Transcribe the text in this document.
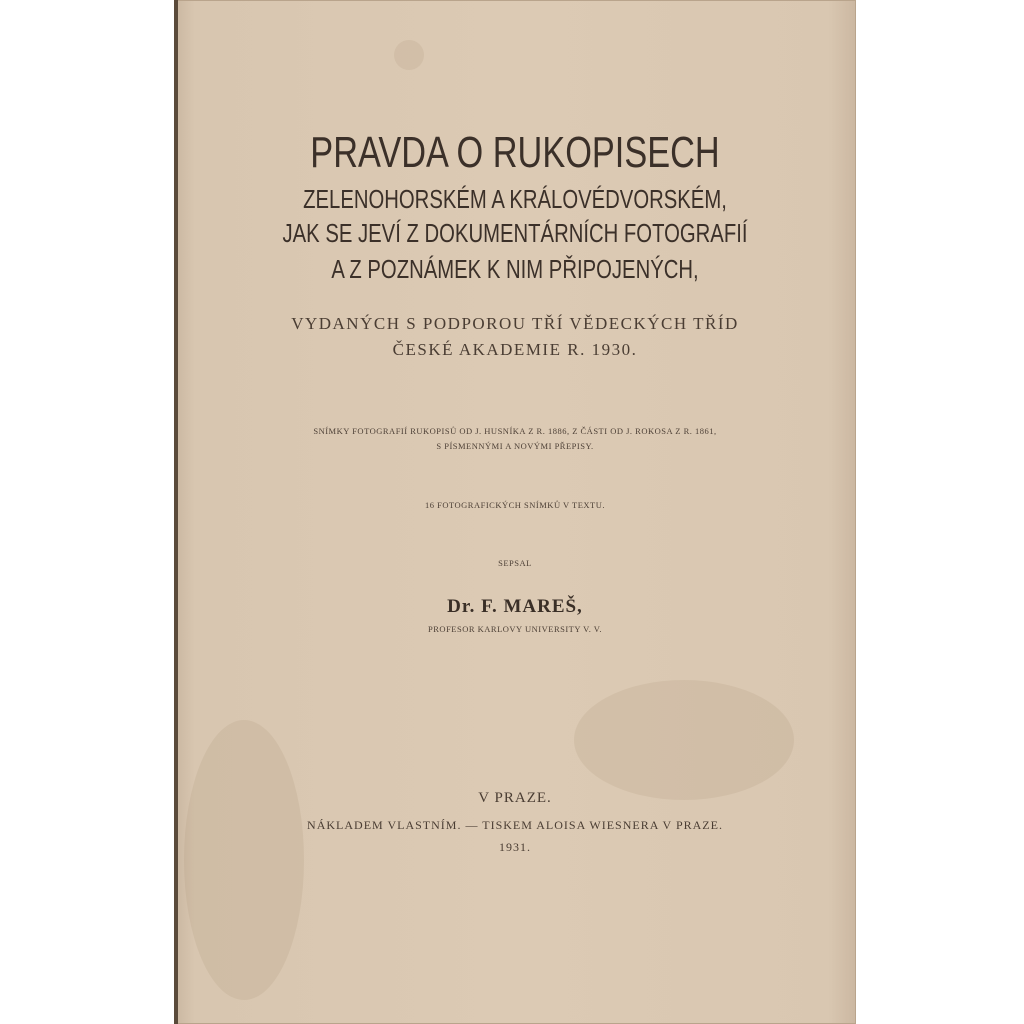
PRAVDA O RUKOPISECH
ZELENOHORSKÉM A KRÁLOVÉDVORSKÉM,
JAK SE JEVÍ Z DOKUMENTÁRNÍCH FOTOGRAFIÍ
A Z POZNÁMEK K NIM PŘIPOJENÝCH,
VYDANÝCH S PODPOROU TŘÍ VĚDECKÝCH TŘÍD
ČESKÉ AKADEMIE R. 1930.
SNÍMKY FOTOGRAFIÍ RUKOPISŮ OD J. HUSNÍKA Z R. 1886, Z ČÁSTI OD J. ROKOSA Z R. 1861,
S PÍSMENNÝMI A NOVÝMI PŘEPISY.
16 FOTOGRAFICKÝCH SNÍMKŮ V TEXTU.
SEPSAL
Dr. F. MAREŠ,
PROFESOR KARLOVY UNIVERSITY V. V.
V PRAZE.
NÁKLADEM VLASTNÍM. — TISKEM ALOISA WIESNERA V PRAZE.
1931.
